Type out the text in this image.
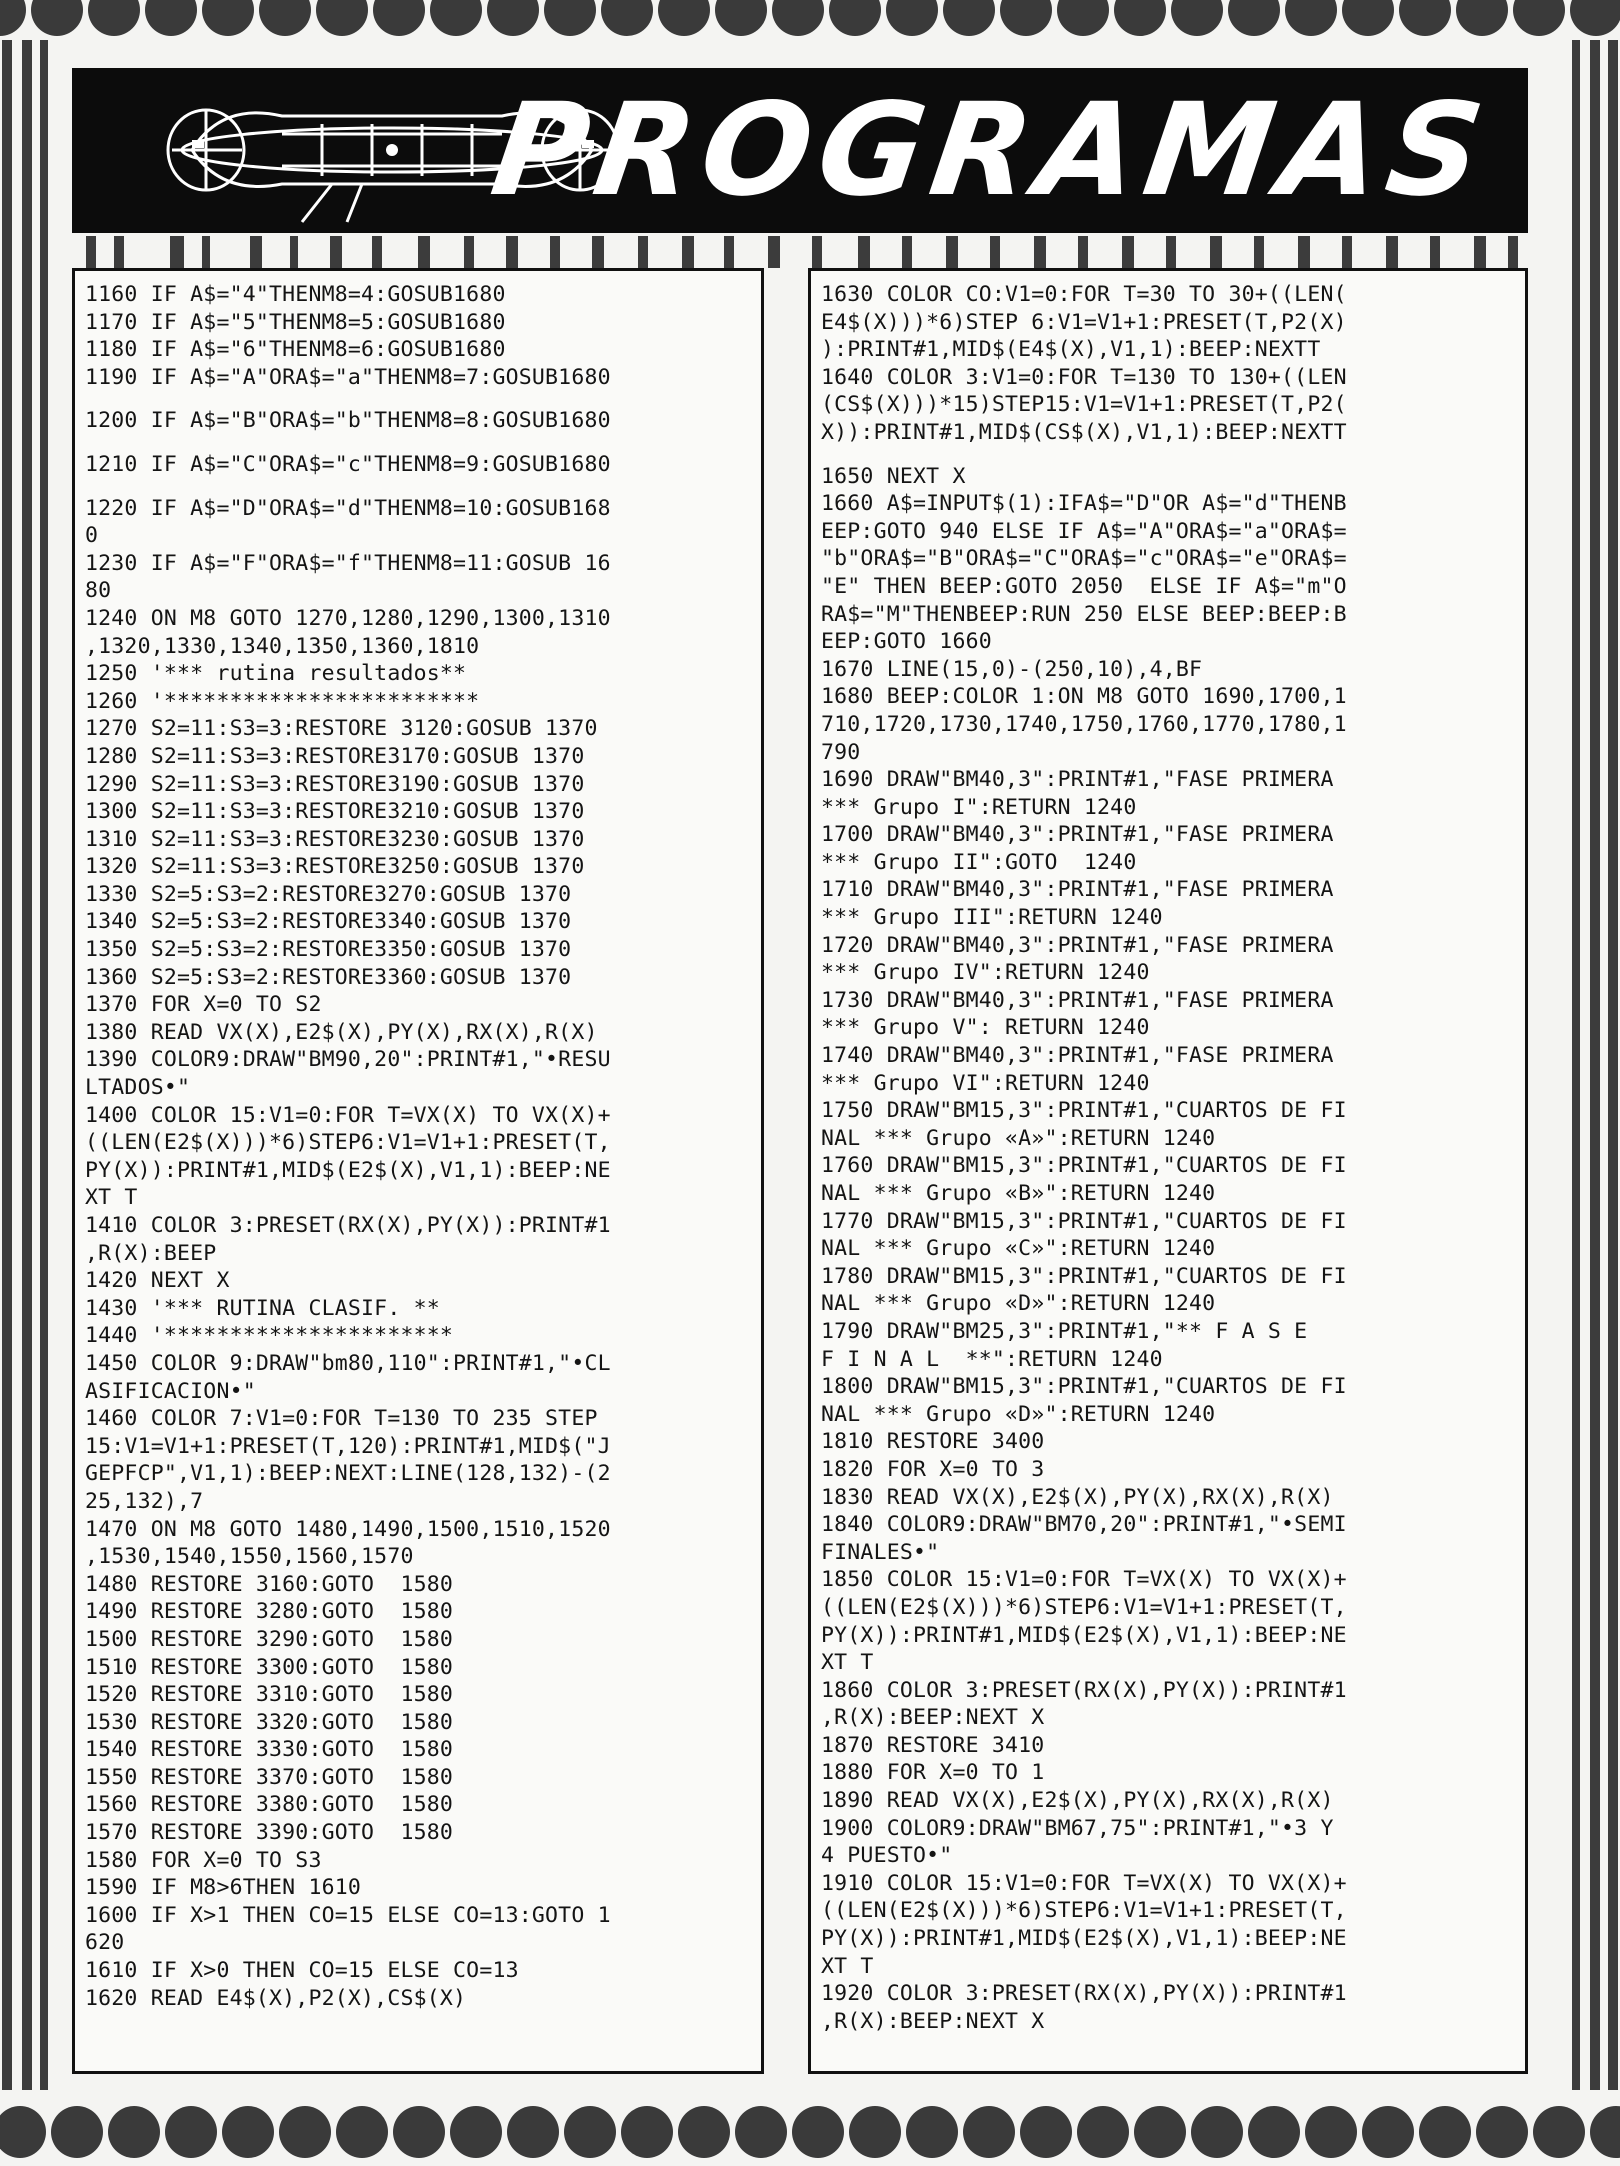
PROGRAMAS
1160 IF A$="4"THENM8=4:GOSUB1680
1170 IF A$="5"THENM8=5:GOSUB1680
1180 IF A$="6"THENM8=6:GOSUB1680
1190 IF A$="A"ORA$="a"THENM8=7:GOSUB1680
1200 IF A$="B"ORA$="b"THENM8=8:GOSUB1680
1210 IF A$="C"ORA$="c"THENM8=9:GOSUB1680
1220 IF A$="D"ORA$="d"THENM8=10:GOSUB168
0
1230 IF A$="F"ORA$="f"THENM8=11:GOSUB 16
80
1240 ON M8 GOTO 1270,1280,1290,1300,1310
,1320,1330,1340,1350,1360,1810
1250 '*** rutina resultados**
1260 '************************
1270 S2=11:S3=3:RESTORE 3120:GOSUB 1370
1280 S2=11:S3=3:RESTORE3170:GOSUB 1370
1290 S2=11:S3=3:RESTORE3190:GOSUB 1370
1300 S2=11:S3=3:RESTORE3210:GOSUB 1370
1310 S2=11:S3=3:RESTORE3230:GOSUB 1370
1320 S2=11:S3=3:RESTORE3250:GOSUB 1370
1330 S2=5:S3=2:RESTORE3270:GOSUB 1370
1340 S2=5:S3=2:RESTORE3340:GOSUB 1370
1350 S2=5:S3=2:RESTORE3350:GOSUB 1370
1360 S2=5:S3=2:RESTORE3360:GOSUB 1370
1370 FOR X=0 TO S2
1380 READ VX(X),E2$(X),PY(X),RX(X),R(X)
1390 COLOR9:DRAW"BM90,20":PRINT#1,"•RESU
LTADOS•"
1400 COLOR 15:V1=0:FOR T=VX(X) TO VX(X)+
((LEN(E2$(X)))*6)STEP6:V1=V1+1:PRESET(T,
PY(X)):PRINT#1,MID$(E2$(X),V1,1):BEEP:NE
XT T
1410 COLOR 3:PRESET(RX(X),PY(X)):PRINT#1
,R(X):BEEP
1420 NEXT X
1430 '*** RUTINA CLASIF. **
1440 '**********************
1450 COLOR 9:DRAW"bm80,110":PRINT#1,"•CL
ASIFICACION•"
1460 COLOR 7:V1=0:FOR T=130 TO 235 STEP
15:V1=V1+1:PRESET(T,120):PRINT#1,MID$("J
GEPFCP",V1,1):BEEP:NEXT:LINE(128,132)-(2
25,132),7
1470 ON M8 GOTO 1480,1490,1500,1510,1520
,1530,1540,1550,1560,1570
1480 RESTORE 3160:GOTO  1580
1490 RESTORE 3280:GOTO  1580
1500 RESTORE 3290:GOTO  1580
1510 RESTORE 3300:GOTO  1580
1520 RESTORE 3310:GOTO  1580
1530 RESTORE 3320:GOTO  1580
1540 RESTORE 3330:GOTO  1580
1550 RESTORE 3370:GOTO  1580
1560 RESTORE 3380:GOTO  1580
1570 RESTORE 3390:GOTO  1580
1580 FOR X=0 TO S3
1590 IF M8>6THEN 1610
1600 IF X>1 THEN CO=15 ELSE CO=13:GOTO 1
620
1610 IF X>0 THEN CO=15 ELSE CO=13
1620 READ E4$(X),P2(X),CS$(X)
1630 COLOR CO:V1=0:FOR T=30 TO 30+((LEN(
E4$(X)))*6)STEP 6:V1=V1+1:PRESET(T,P2(X)
):PRINT#1,MID$(E4$(X),V1,1):BEEP:NEXTT
1640 COLOR 3:V1=0:FOR T=130 TO 130+((LEN
(CS$(X)))*15)STEP15:V1=V1+1:PRESET(T,P2(
X)):PRINT#1,MID$(CS$(X),V1,1):BEEP:NEXTT
1650 NEXT X
1660 A$=INPUT$(1):IFA$="D"OR A$="d"THENB
EEP:GOTO 940 ELSE IF A$="A"ORA$="a"ORA$=
"b"ORA$="B"ORA$="C"ORA$="c"ORA$="e"ORA$=
"E" THEN BEEP:GOTO 2050  ELSE IF A$="m"O
RA$="M"THENBEEP:RUN 250 ELSE BEEP:BEEP:B
EEP:GOTO 1660
1670 LINE(15,0)-(250,10),4,BF
1680 BEEP:COLOR 1:ON M8 GOTO 1690,1700,1
710,1720,1730,1740,1750,1760,1770,1780,1
790
1690 DRAW"BM40,3":PRINT#1,"FASE PRIMERA
*** Grupo I":RETURN 1240
1700 DRAW"BM40,3":PRINT#1,"FASE PRIMERA
*** Grupo II":GOTO  1240
1710 DRAW"BM40,3":PRINT#1,"FASE PRIMERA
*** Grupo III":RETURN 1240
1720 DRAW"BM40,3":PRINT#1,"FASE PRIMERA
*** Grupo IV":RETURN 1240
1730 DRAW"BM40,3":PRINT#1,"FASE PRIMERA
*** Grupo V": RETURN 1240
1740 DRAW"BM40,3":PRINT#1,"FASE PRIMERA
*** Grupo VI":RETURN 1240
1750 DRAW"BM15,3":PRINT#1,"CUARTOS DE FI
NAL *** Grupo «A»":RETURN 1240
1760 DRAW"BM15,3":PRINT#1,"CUARTOS DE FI
NAL *** Grupo «B»":RETURN 1240
1770 DRAW"BM15,3":PRINT#1,"CUARTOS DE FI
NAL *** Grupo «C»":RETURN 1240
1780 DRAW"BM15,3":PRINT#1,"CUARTOS DE FI
NAL *** Grupo «D»":RETURN 1240
1790 DRAW"BM25,3":PRINT#1,"** F A S E
F I N A L  **":RETURN 1240
1800 DRAW"BM15,3":PRINT#1,"CUARTOS DE FI
NAL *** Grupo «D»":RETURN 1240
1810 RESTORE 3400
1820 FOR X=0 TO 3
1830 READ VX(X),E2$(X),PY(X),RX(X),R(X)
1840 COLOR9:DRAW"BM70,20":PRINT#1,"•SEMI
FINALES•"
1850 COLOR 15:V1=0:FOR T=VX(X) TO VX(X)+
((LEN(E2$(X)))*6)STEP6:V1=V1+1:PRESET(T,
PY(X)):PRINT#1,MID$(E2$(X),V1,1):BEEP:NE
XT T
1860 COLOR 3:PRESET(RX(X),PY(X)):PRINT#1
,R(X):BEEP:NEXT X
1870 RESTORE 3410
1880 FOR X=0 TO 1
1890 READ VX(X),E2$(X),PY(X),RX(X),R(X)
1900 COLOR9:DRAW"BM67,75":PRINT#1,"•3 Y
4 PUESTO•"
1910 COLOR 15:V1=0:FOR T=VX(X) TO VX(X)+
((LEN(E2$(X)))*6)STEP6:V1=V1+1:PRESET(T,
PY(X)):PRINT#1,MID$(E2$(X),V1,1):BEEP:NE
XT T
1920 COLOR 3:PRESET(RX(X),PY(X)):PRINT#1
,R(X):BEEP:NEXT X
